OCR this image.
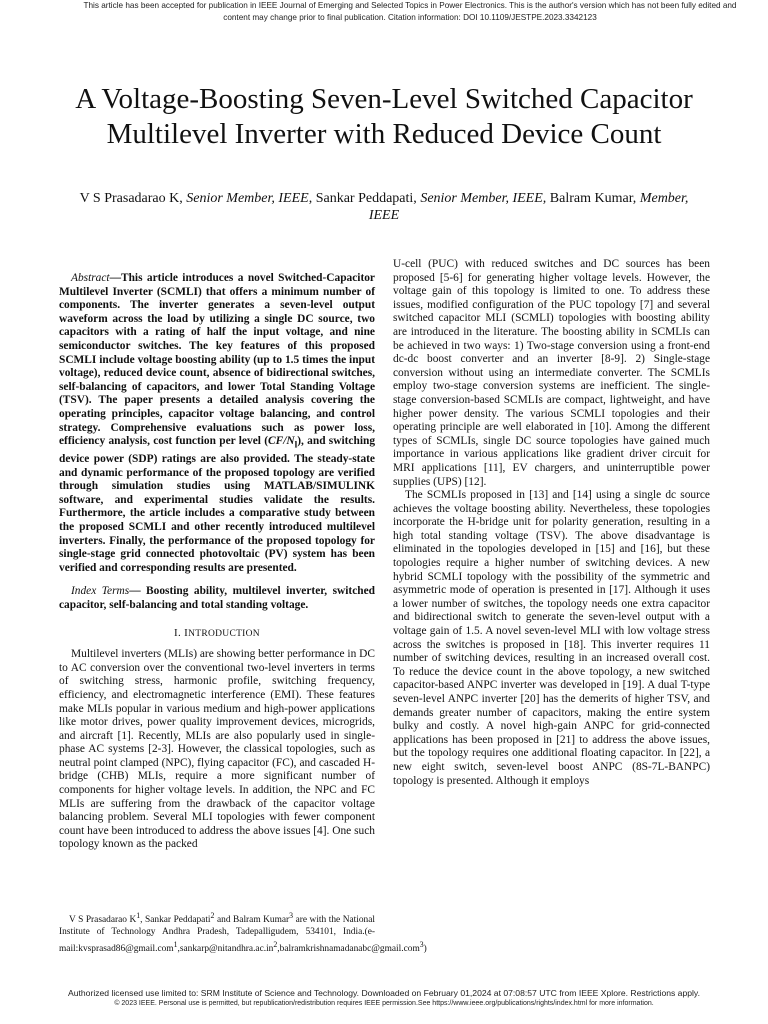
This article has been accepted for publication in IEEE Journal of Emerging and Selected Topics in Power Electronics. This is the author's version which has not been fully edited and
content may change prior to final publication. Citation information: DOI 10.1109/JESTPE.2023.3342123
A Voltage-Boosting Seven-Level Switched Capacitor Multilevel Inverter with Reduced Device Count
V S Prasadarao K, Senior Member, IEEE, Sankar Peddapati, Senior Member, IEEE, Balram Kumar, Member, IEEE

Abstract—This article introduces a novel Switched-Capacitor Multilevel Inverter (SCMLI) that offers a minimum number of components. The inverter generates a seven-level output waveform across the load by utilizing a single DC source, two capacitors with a rating of half the input voltage, and nine semiconductor switches. The key features of this proposed SCMLI include voltage boosting ability (up to 1.5 times the input voltage), reduced device count, absence of bidirectional switches, self-balancing of capacitors, and lower Total Standing Voltage (TSV). The paper presents a detailed analysis covering the operating principles, capacitor voltage balancing, and control strategy. Comprehensive evaluations such as power loss, efficiency analysis, cost function per level $(CF/N_l)$, and switching device power (SDP) ratings are also provided. The steady-state and dynamic performance of the proposed topology are verified through simulation studies using MATLAB/SIMULINK software, and experimental studies validate the results. Furthermore, the article includes a comparative study between the proposed SCMLI and other recently introduced multilevel inverters. Finally, the performance of the proposed topology for single-stage grid connected photovoltaic (PV) system has been verified and corresponding results are presented.

Index Terms— Boosting ability, multilevel inverter, switched capacitor, self-balancing and total standing voltage.

I. INTRODUCTION

Multilevel inverters (MLIs) are showing better performance in DC to AC conversion over the conventional two-level inverters in terms of switching stress, harmonic profile, switching frequency, efficiency, and electromagnetic interference (EMI). These features make MLIs popular in various medium and high-power applications like motor drives, power quality improvement devices, microgrids, and aircraft [1]. Recently, MLIs are also popularly used in single-phase AC systems [2-3]. However, the classical topologies, such as neutral point clamped (NPC), flying capacitor (FC), and cascaded H-bridge (CHB) MLIs, require a more significant number of components for higher voltage levels. In addition, the NPC and FC MLIs are suffering from the drawback of the capacitor voltage balancing problem. Several MLI topologies with fewer component count have been introduced to address the above issues [4]. One such topology known as the packed

U-cell (PUC) with reduced switches and DC sources has been proposed [5-6] for generating higher voltage levels. However, the voltage gain of this topology is limited to one. To address these issues, modified configuration of the PUC topology [7] and several switched capacitor MLI (SCMLI) topologies with boosting ability are introduced in the literature. The boosting ability in SCMLIs can be achieved in two ways: 1) Two-stage conversion using a front-end dc-dc boost converter and an inverter [8-9]. 2) Single-stage conversion without using an intermediate converter. The SCMLIs employ two-stage conversion systems are inefficient. The single-stage conversion-based SCMLIs are compact, lightweight, and have higher power density. The various SCMLI topologies and their operating principle are well elaborated in [10]. Among the different types of SCMLIs, single DC source topologies have gained much importance in various applications like gradient driver circuit for MRI applications [11], EV chargers, and uninterruptible power supplies (UPS) [12].

The SCMLIs proposed in [13] and [14] using a single dc source achieves the voltage boosting ability. Nevertheless, these topologies incorporate the H-bridge unit for polarity generation, resulting in a high total standing voltage (TSV). The above disadvantage is eliminated in the topologies developed in [15] and [16], but these topologies require a higher number of switching devices. A new hybrid SCMLI topology with the possibility of the symmetric and asymmetric mode of operation is presented in [17]. Although it uses a lower number of switches, the topology needs one extra capacitor and bidirectional switch to generate the seven-level output with a voltage gain of 1.5. A novel seven-level MLI with low voltage stress across the switches is proposed in [18]. This inverter requires 11 number of switching devices, resulting in an increased overall cost. To reduce the device count in the above topology, a new switched capacitor-based ANPC inverter was developed in [19]. A dual T-type seven-level ANPC inverter [20] has the demerits of higher TSV, and demands greater number of capacitors, making the entire system bulky and costly. A novel high-gain ANPC for grid-connected applications has been proposed in [21] to address the above issues, but the topology requires one additional floating capacitor. In [22], a new eight switch, seven-level boost ANPC (8S-7L-BANPC) topology is presented. Although it employs

V S Prasadarao $K^1$, Sankar Peddapati$^2$ and Balram Kumar$^3$ are with the National Institute of Technology Andhra Pradesh, Tadepalligudem, 534101, $India.(e-mail:kvsprasad86@gmail.com^1,sankarp@nitandhra.ac.in^2,balramkrishnamadanabc@gmail.com^3)$

Authorized licensed use limited to: SRM Institute of Science and Technology. Downloaded on February 01,2024 at 07:08:57 UTC from IEEE Xplore. Restrictions apply.
© 2023 IEEE. Personal use is permitted, but republication/redistribution requires IEEE permission.See https://www.ieee.org/publications/rights/index.html for more information.
